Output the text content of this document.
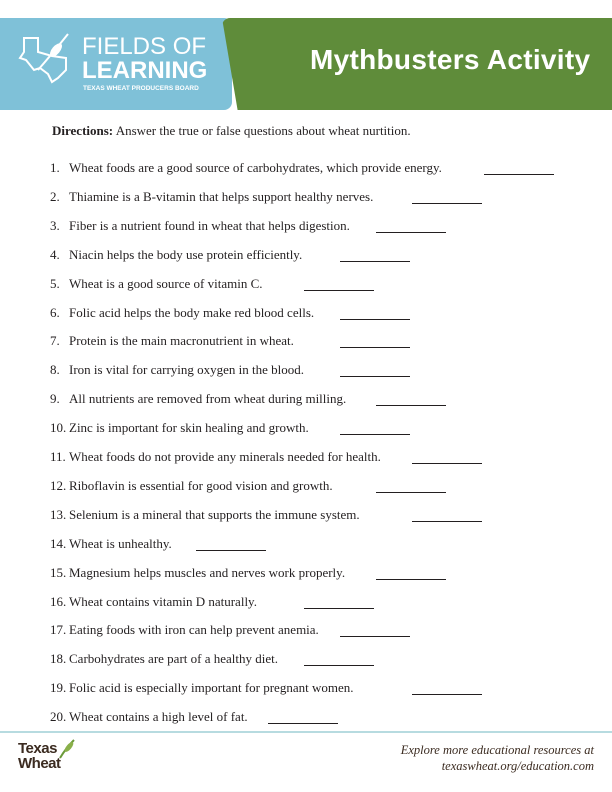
FIELDS OF
LEARNING
TEXAS WHEAT PRODUCERS BOARD
Mythbusters Activity
Directions: Answer the true or false questions about wheat nurtition.
1. Wheat foods are a good source of carbohydrates, which provide energy.
2. Thiamine is a B-vitamin that helps support healthy nerves.
3. Fiber is a nutrient found in wheat that helps digestion.
4. Niacin helps the body use protein efficiently.
5. Wheat is a good source of vitamin C.
6. Folic acid helps the body make red blood cells.
7. Protein is the main macronutrient in wheat.
8. Iron is vital for carrying oxygen in the blood.
9. All nutrients are removed from wheat during milling.
10. Zinc is important for skin healing and growth.
11. Wheat foods do not provide any minerals needed for health.
12. Riboflavin is essential for good vision and growth.
13. Selenium is a mineral that supports the immune system.
14. Wheat is unhealthy.
15. Magnesium helps muscles and nerves work properly.
16. Wheat contains vitamin D naturally.
17. Eating foods with iron can help prevent anemia.
18. Carbohydrates are part of a healthy diet.
19. Folic acid is especially important for pregnant women.
20. Wheat contains a high level of fat.
Texas
Wheat
Explore more educational resources at
texaswheat.org/education.com
